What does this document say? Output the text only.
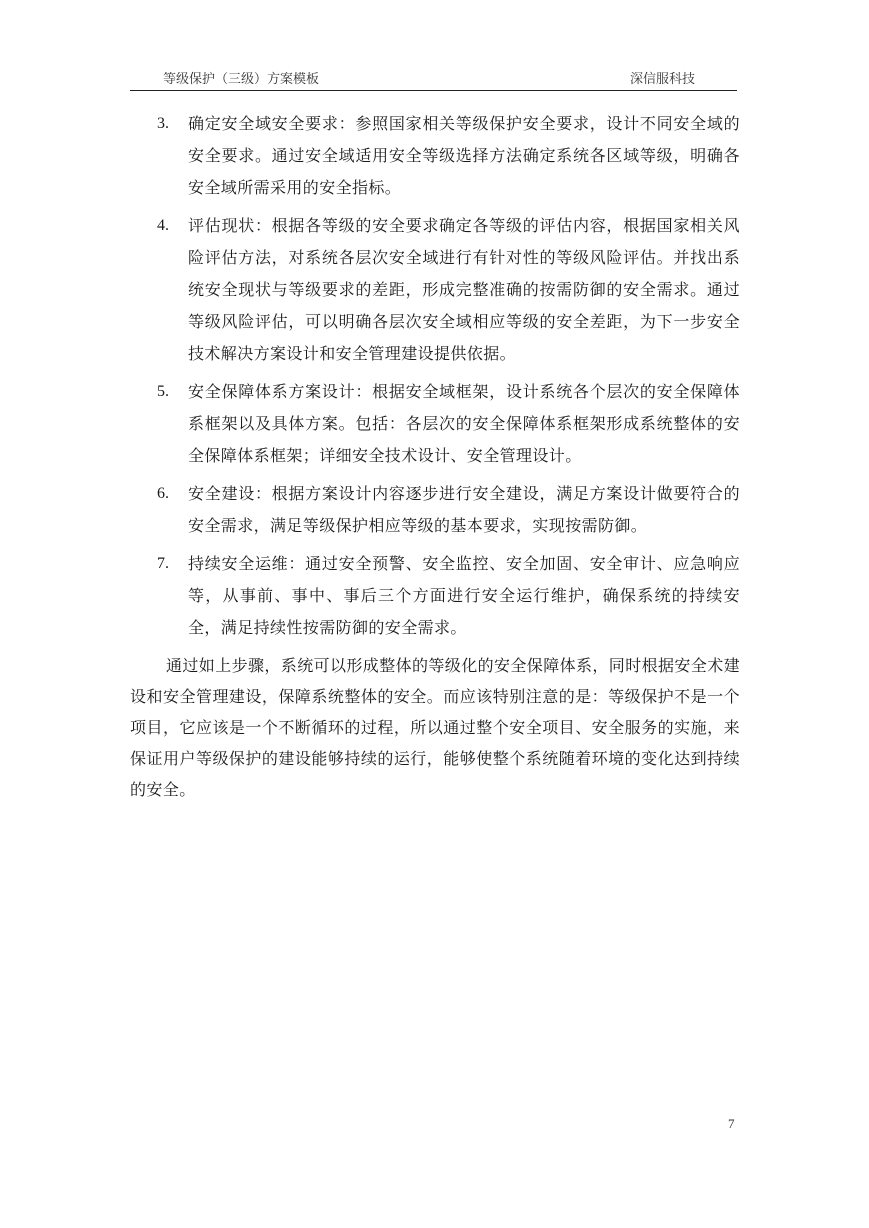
等级保护（三级）方案模板	深信服科技
3. 确定安全域安全要求：参照国家相关等级保护安全要求，设计不同安全域的安全要求。通过安全域适用安全等级选择方法确定系统各区域等级，明确各安全域所需采用的安全指标。
4. 评估现状：根据各等级的安全要求确定各等级的评估内容，根据国家相关风险评估方法，对系统各层次安全域进行有针对性的等级风险评估。并找出系统安全现状与等级要求的差距，形成完整准确的按需防御的安全需求。通过等级风险评估，可以明确各层次安全域相应等级的安全差距，为下一步安全技术解决方案设计和安全管理建设提供依据。
5. 安全保障体系方案设计：根据安全域框架，设计系统各个层次的安全保障体系框架以及具体方案。包括：各层次的安全保障体系框架形成系统整体的安全保障体系框架；详细安全技术设计、安全管理设计。
6. 安全建设：根据方案设计内容逐步进行安全建设，满足方案设计做要符合的安全需求，满足等级保护相应等级的基本要求，实现按需防御。
7. 持续安全运维：通过安全预警、安全监控、安全加固、安全审计、应急响应等，从事前、事中、事后三个方面进行安全运行维护，确保系统的持续安全，满足持续性按需防御的安全需求。

通过如上步骤，系统可以形成整体的等级化的安全保障体系，同时根据安全术建设和安全管理建设，保障系统整体的安全。而应该特别注意的是：等级保护不是一个项目，它应该是一个不断循环的过程，所以通过整个安全项目、安全服务的实施，来保证用户等级保护的建设能够持续的运行，能够使整个系统随着环境的变化达到持续的安全。

7
